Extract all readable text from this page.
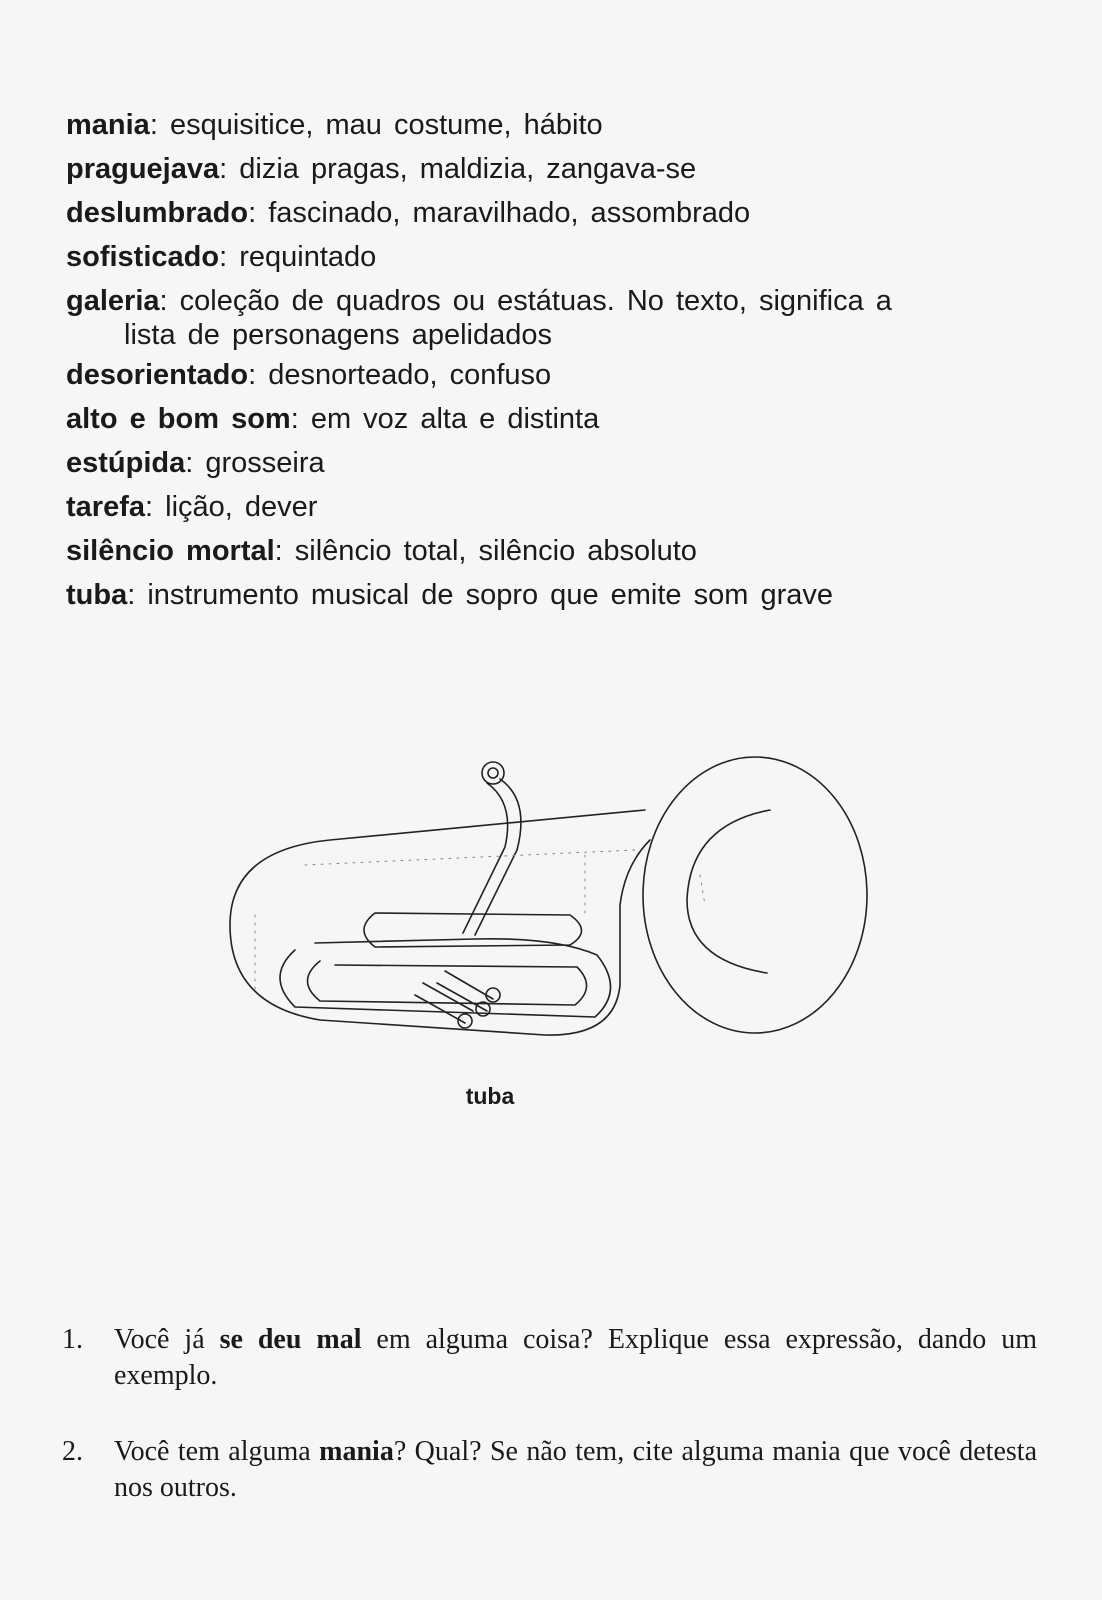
mania: esquisitice, mau costume, hábito

praguejava: dizia pragas, maldizia, zangava-se

deslumbrado: fascinado, maravilhado, assombrado

sofisticado: requintado

galeria: coleção de quadros ou estátuas. No texto, significa a
lista de personagens apelidados

desorientado: desnorteado, confuso

alto e bom som: em voz alta e distinta

estúpida: grosseira

tarefa: lição, dever

silêncio mortal: silêncio total, silêncio absoluto

tuba: instrumento musical de sopro que emite som grave

tuba
1.	Você já se deu mal em alguma coisa? Explique essa expressão, dando um exemplo.
2.	Você tem alguma mania? Qual? Se não tem, cite alguma mania que você detesta nos outros.
